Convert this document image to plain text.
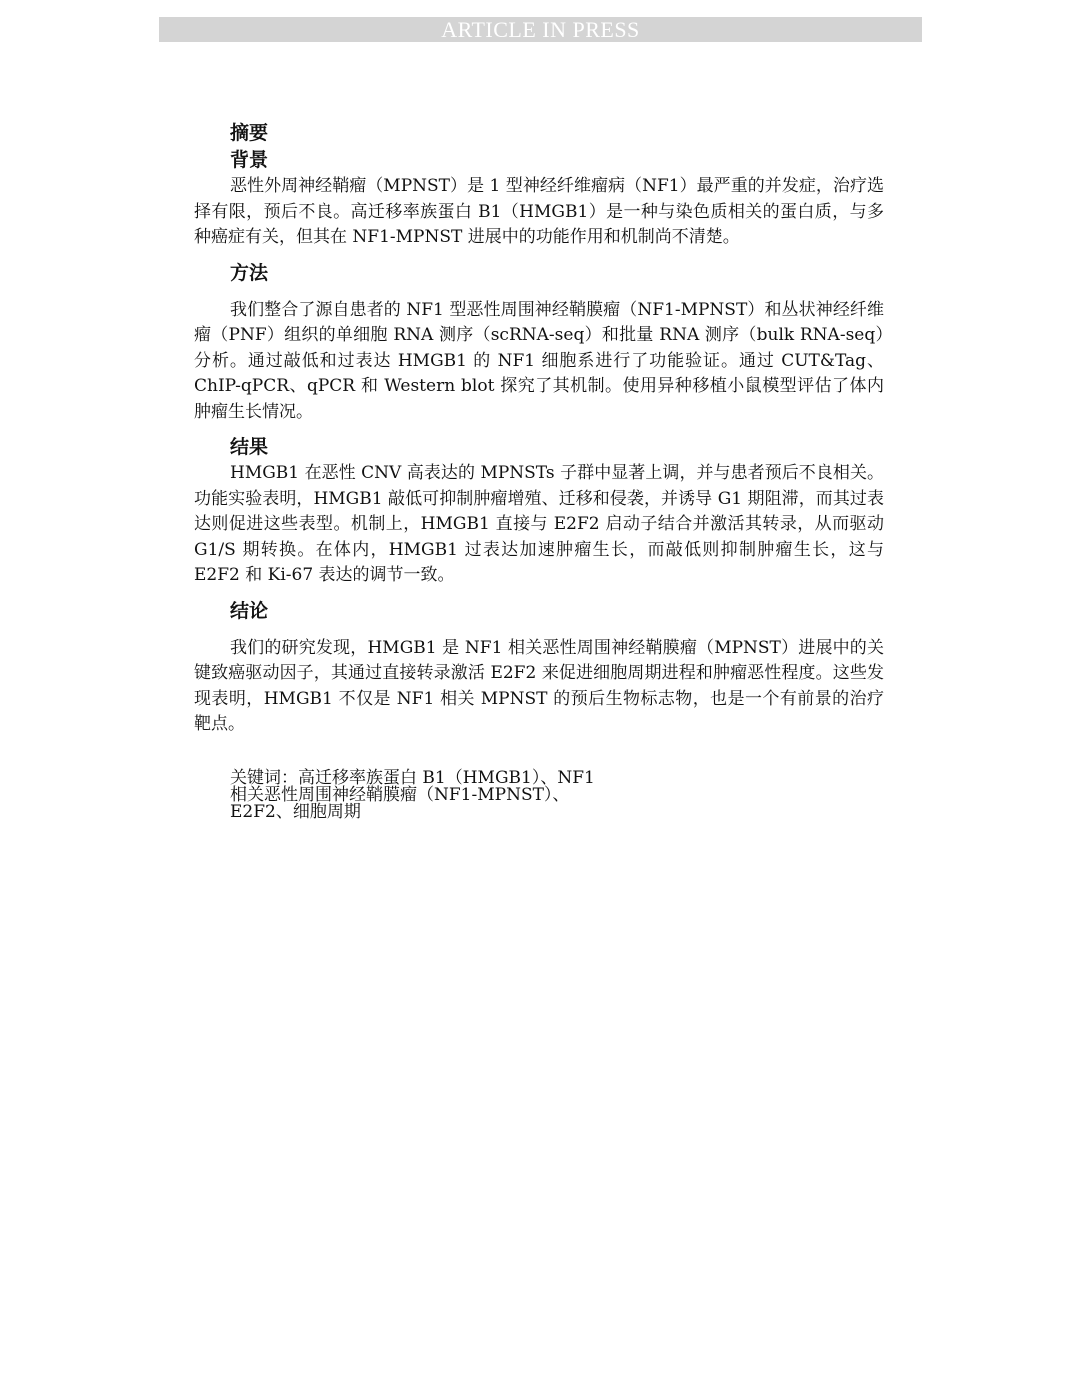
ARTICLE IN PRESS
摘要
背景

恶性外周神经鞘瘤（MPNST）是 1 型神经纤维瘤病（NF1）最严重的并发症，治疗选择有限，预后不良。高迁移率族蛋白 B1（HMGB1）是一种与染色质相关的蛋白质，与多种癌症有关，但其在 NF1-MPNST 进展中的功能作用和机制尚不清楚。

方法

我们整合了源自患者的 NF1 型恶性周围神经鞘膜瘤（NF1-MPNST）和丛状神经纤维瘤（PNF）组织的单细胞 RNA 测序（scRNA-seq）和批量 RNA 测序（bulk RNA-seq）分析。通过敲低和过表达 HMGB1 的 NF1 细胞系进行了功能验证。通过 CUT&Tag、ChIP-qPCR、qPCR 和 Western blot 探究了其机制。使用异种移植小鼠模型评估了体内肿瘤生长情况。

结果

HMGB1 在恶性 CNV 高表达的 MPNSTs 子群中显著上调，并与患者预后不良相关。功能实验表明，HMGB1 敲低可抑制肿瘤增殖、迁移和侵袭，并诱导 G1 期阻滞，而其过表达则促进这些表型。机制上，HMGB1 直接与 E2F2 启动子结合并激活其转录，从而驱动 G1/S 期转换。在体内，HMGB1 过表达加速肿瘤生长，而敲低则抑制肿瘤生长，这与 E2F2 和 Ki-67 表达的调节一致。

结论

我们的研究发现，HMGB1 是 NF1 相关恶性周围神经鞘膜瘤（MPNST）进展中的关键致癌驱动因子，其通过直接转录激活 E2F2 来促进细胞周期进程和肿瘤恶性程度。这些发现表明，HMGB1 不仅是 NF1 相关 MPNST 的预后生物标志物，也是一个有前景的治疗靶点。

关键词：高迁移率族蛋白 B1（HMGB1）、NF1
相关恶性周围神经鞘膜瘤（NF1-MPNST）、
E2F2、细胞周期
